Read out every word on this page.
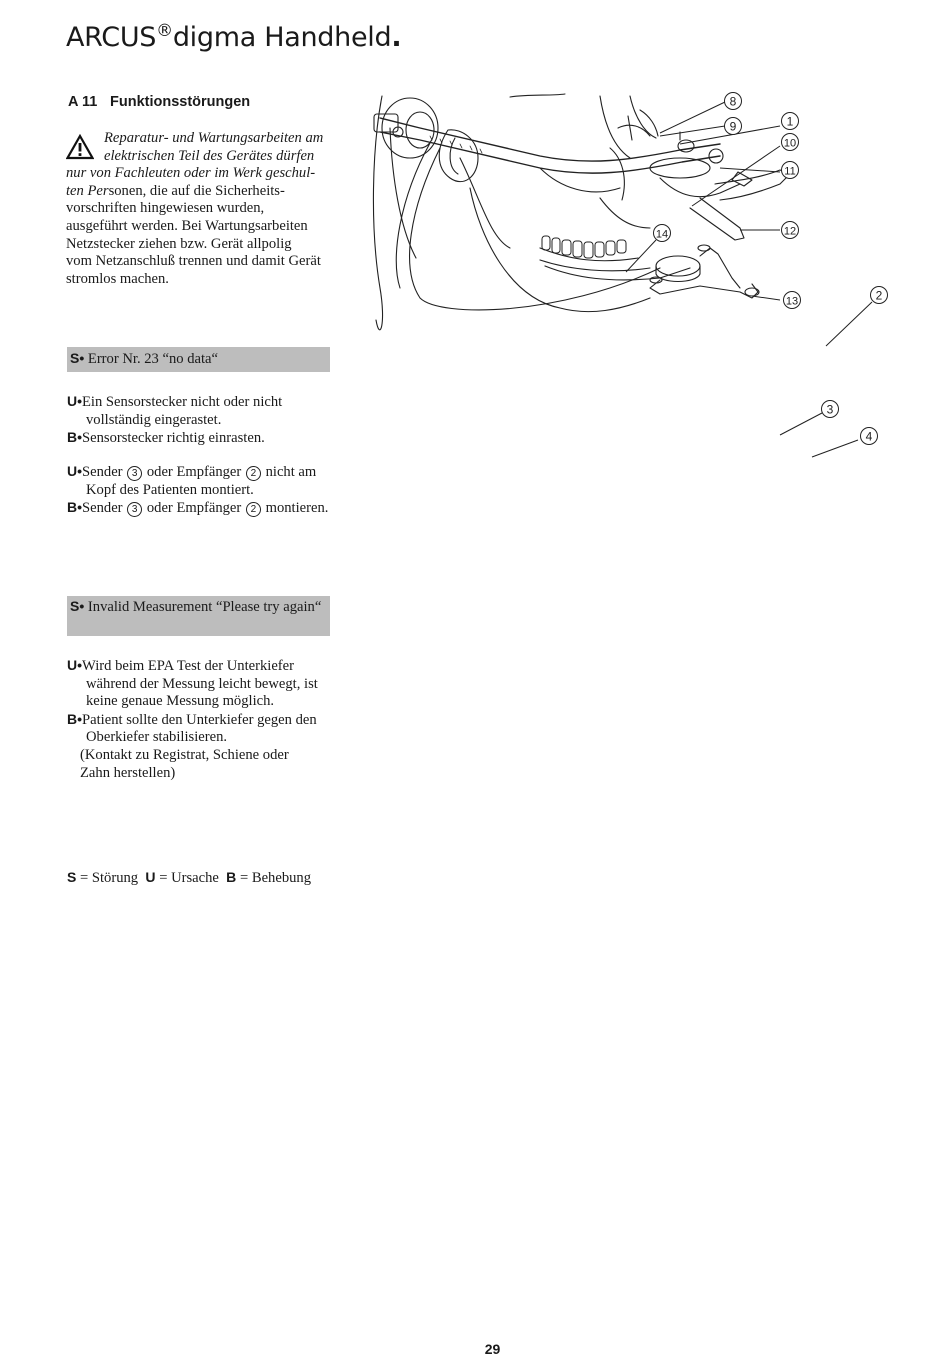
ARCUS®digma Handheld.
A 11 Funktionsstörungen
Reparatur- und Wartungsarbeiten am
elektrischen Teil des Gerätes dürfen
nur von Fachleuten oder im Werk geschul-
ten Personen, die auf die Sicherheits-
vorschriften hingewiesen wurden,
ausgeführt werden. Bei Wartungsarbeiten
Netzstecker ziehen bzw. Gerät allpolig
vom Netzanschluß trennen und damit Gerät
stromlos machen.
S• Error Nr. 23 “no data“

U•Ein Sensorstecker nicht oder nicht vollständig eingerastet.

B•Sensorstecker richtig einrasten.

U•Sender 3 oder Empfänger 2 nicht am Kopf des Patienten montiert.

B•Sender 3 oder Empfänger 2 montieren.

S• Invalid Measurement “Please try again“

U•Wird beim EPA Test der Unterkiefer während der Messung leicht bewegt, ist keine genaue Messung möglich.

B•Patient sollte den Unterkiefer gegen den Oberkiefer stabilisieren.

(Kontakt zu Registrat, Schiene oder Zahn herstellen)

S = Störung U = Ursache B = Behebung
8
9	1
10
11
12
14
13	2
3
4
29
